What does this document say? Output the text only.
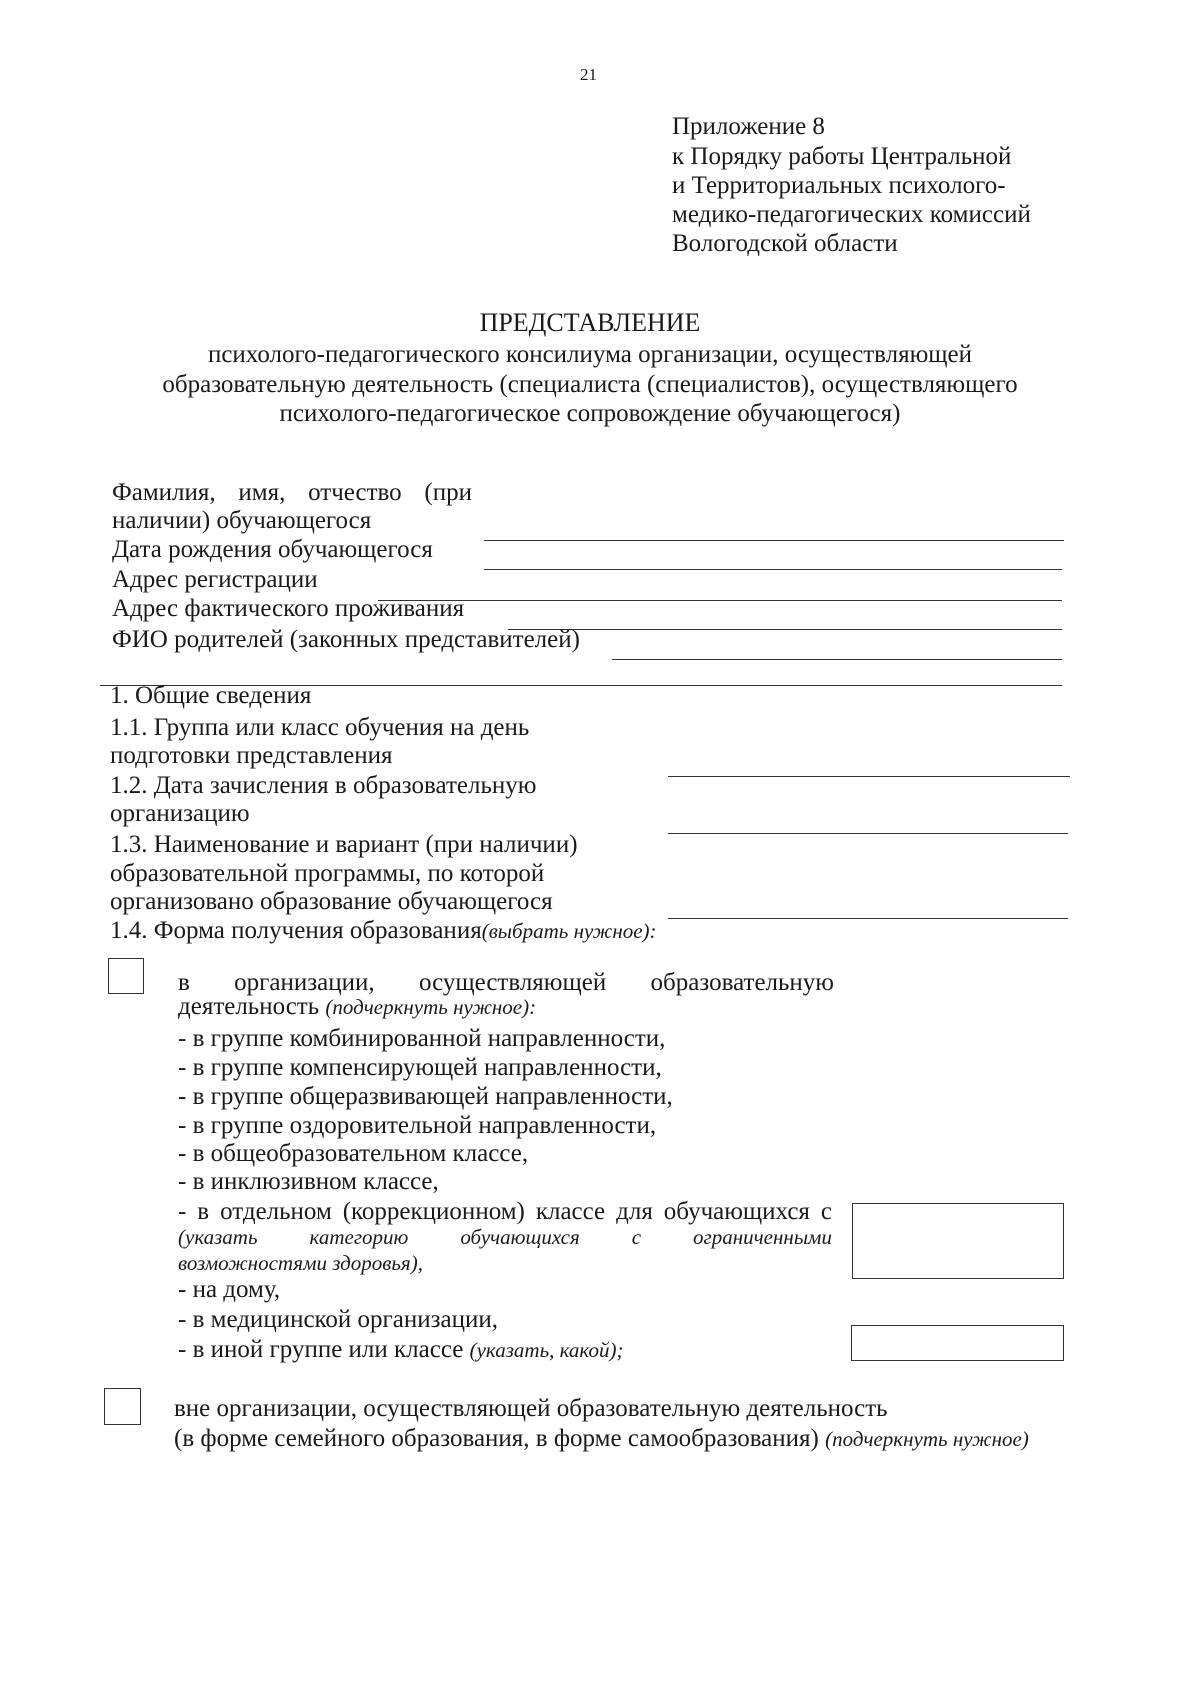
21
Приложение 8
к Порядку работы Центральной
и Территориальных психолого-
медико-педагогических комиссий
Вологодской области
ПРЕДСТАВЛЕНИЕ
психолого-педагогического консилиума организации, осуществляющей
образовательную деятельность (специалиста (специалистов), осуществляющего
психолого-педагогическое сопровождение обучающегося)
Фамилия, имя, отчество (при
наличии) обучающегося
Дата рождения обучающегося
Адрес регистрации
Адрес фактического проживания
ФИО родителей (законных представителей)
1. Общие сведения
1.1. Группа или класс обучения на день
подготовки представления
1.2. Дата зачисления в образовательную
организацию
1.3. Наименование и вариант (при наличии)
образовательной программы, по которой
организовано образование обучающегося
1.4. Форма получения образования(выбрать нужное):
в организации, осуществляющей образовательную
деятельность (подчеркнуть нужное):
- в группе комбинированной направленности,
- в группе компенсирующей направленности,
- в группе общеразвивающей направленности,
- в группе оздоровительной направленности,
- в общеобразовательном классе,
- в инклюзивном классе,
- в отдельном (коррекционном) классе для обучающихся с
(указать категорию обучающихся с ограниченными
возможностями здоровья),
- на дому,
- в медицинской организации,
- в иной группе или классе (указать, какой);
вне организации, осуществляющей образовательную деятельность
(в форме семейного образования, в форме самообразования) (подчеркнуть нужное)
